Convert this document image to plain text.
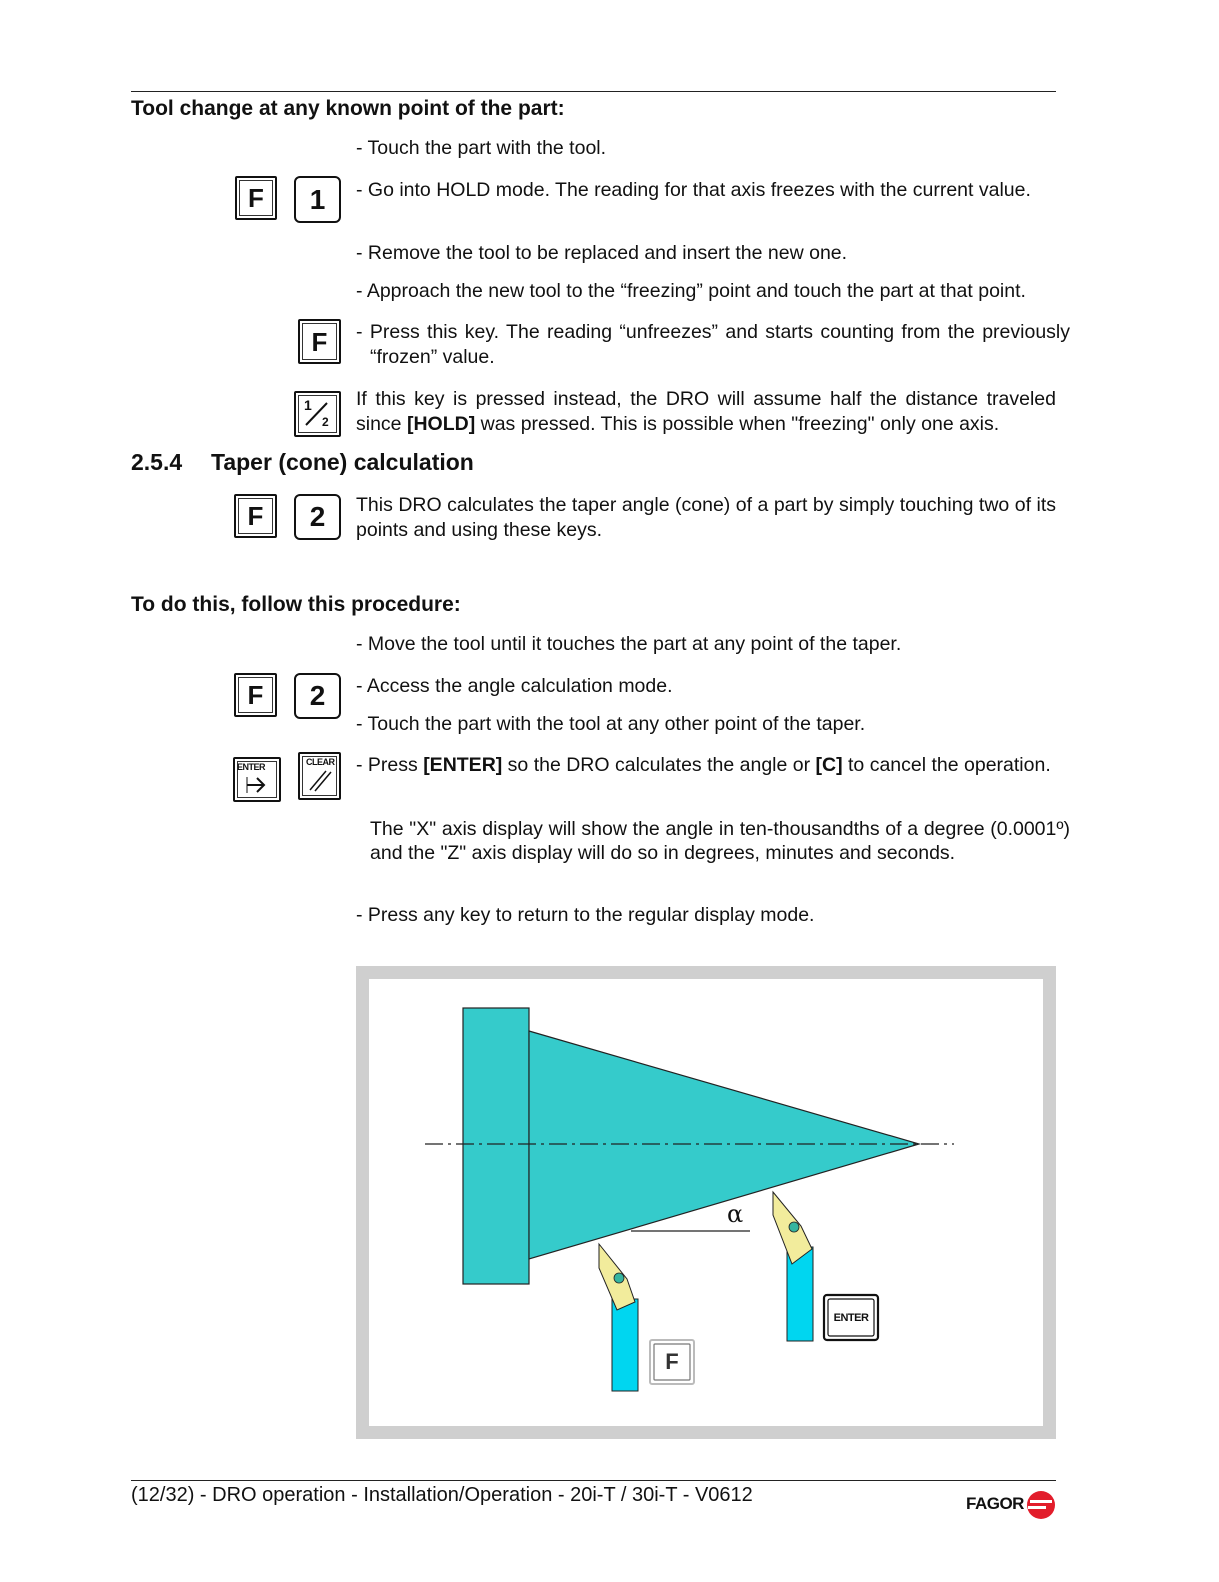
Tool change at any known point of the part:
- Touch the part with the tool.
F	1	- Go into HOLD mode. The reading for that axis freezes with the current value.
- Remove the tool to be replaced and insert the new one.
- Approach the new tool to the “freezing” point and touch the part at that point.
F	- Press this key. The reading “unfreezes” and starts counting from the previously “frozen” value.
1
2
If this key is pressed instead, the DRO will assume half the distance traveled since [HOLD] was pressed. This is possible when "freezing" only one axis.
2.5.4 Taper (cone) calculation
F	2	This DRO calculates the taper angle (cone) of a part by simply touching two of its points and using these keys.
To do this, follow this procedure:
- Move the tool until it touches the part at any point of the taper.
F	2	- Access the angle calculation mode.
- Touch the part with the tool at any other point of the taper.
ENTER	CLEAR - Press [ENTER] so the DRO calculates the angle or [C] to cancel the operation.
The "X" axis display will show the angle in ten-thousandths of a degree (0.0001º) and the "Z" axis display will do so in degrees, minutes and seconds.
- Press any key to return to the regular display mode.
α
ENTER
F
(12/32) - DRO operation - Installation/Operation - 20i-T / 30i-T - V0612	FAGOR
